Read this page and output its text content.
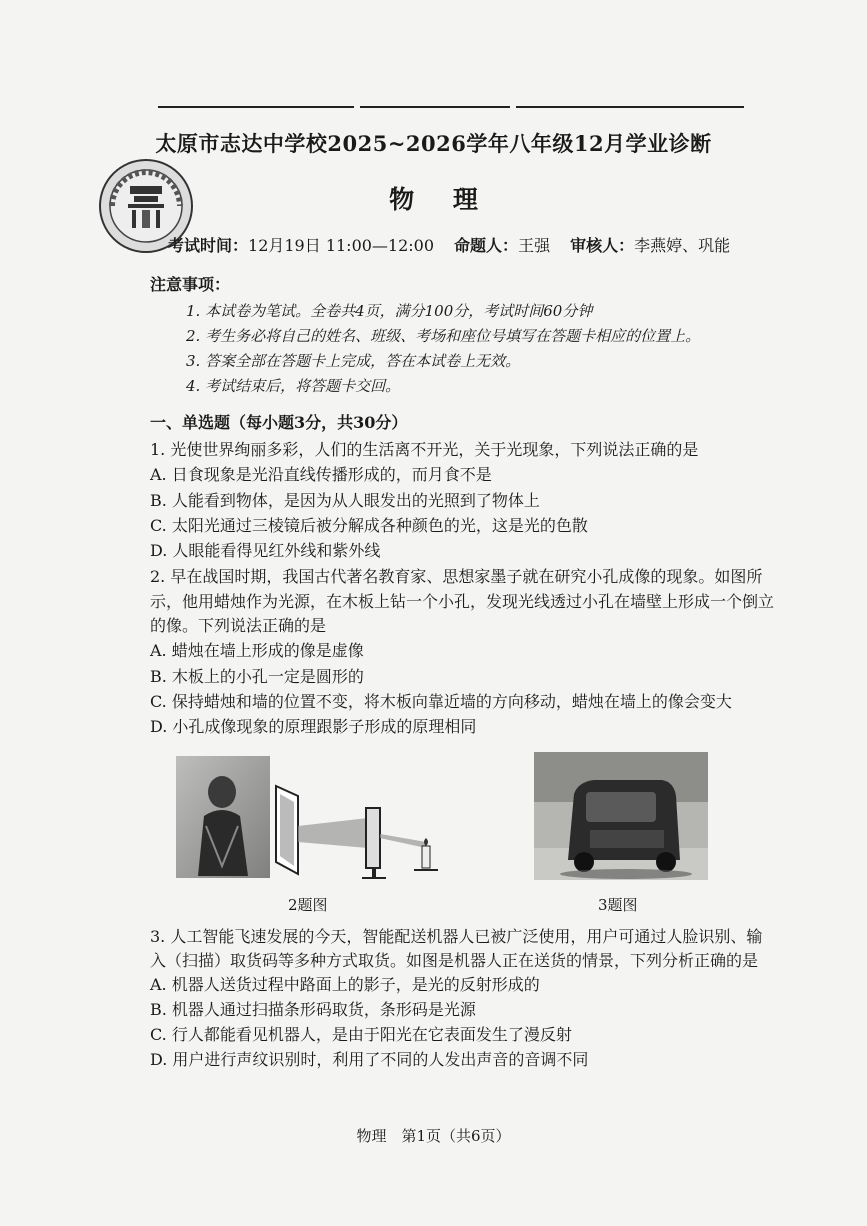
太原市志达中学校2025~2026学年八年级12月学业诊断
物 理
考试时间：12月19日 11:00—12:00 命题人：王强 审核人：李燕婷、巩能
注意事项：
1. 本试卷为笔试。全卷共4页，满分100分，考试时间60分钟
2. 考生务必将自己的姓名、班级、考场和座位号填写在答题卡相应的位置上。
3. 答案全部在答题卡上完成，答在本试卷上无效。
4. 考试结束后，将答题卡交回。
一、单选题（每小题3分，共30分）
1. 光使世界绚丽多彩，人们的生活离不开光，关于光现象，下列说法正确的是
A. 日食现象是光沿直线传播形成的，而月食不是
B. 人能看到物体，是因为从人眼发出的光照到了物体上
C. 太阳光通过三棱镜后被分解成各种颜色的光，这是光的色散
D. 人眼能看得见红外线和紫外线
2. 早在战国时期，我国古代著名教育家、思想家墨子就在研究小孔成像的现象。如图所
示，他用蜡烛作为光源，在木板上钻一个小孔，发现光线透过小孔在墙壁上形成一个倒立
的像。下列说法正确的是
A. 蜡烛在墙上形成的像是虚像
B. 木板上的小孔一定是圆形的
C. 保持蜡烛和墙的位置不变，将木板向靠近墙的方向移动，蜡烛在墙上的像会变大
D. 小孔成像现象的原理跟影子形成的原理相同
2题图	3题图
3. 人工智能飞速发展的今天，智能配送机器人已被广泛使用，用户可通过人脸识别、输
入（扫描）取货码等多种方式取货。如图是机器人正在送货的情景，下列分析正确的是
A. 机器人送货过程中路面上的影子，是光的反射形成的
B. 机器人通过扫描条形码取货，条形码是光源
C. 行人都能看见机器人，是由于阳光在它表面发生了漫反射
D. 用户进行声纹识别时，利用了不同的人发出声音的音调不同
物理　第1页（共6页）
